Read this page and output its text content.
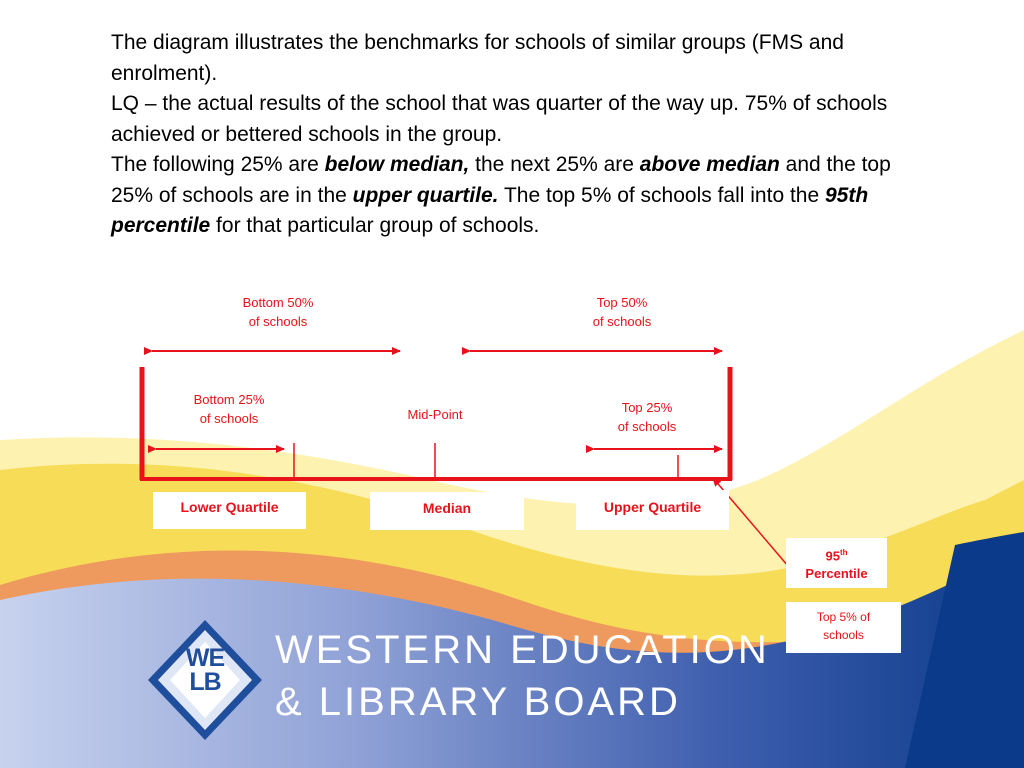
The diagram illustrates the benchmarks for schools of similar groups (FMS and enrolment).

LQ – the actual results of the school that was quarter of the way up. 75% of schools achieved or bettered schools in the group.

The following 25% are below median, the next 25% are above median and the top 25% of schools are in the upper quartile. The top 5% of schools fall into the 95th percentile for that particular group of schools.

Bottom 50%
of schools
Top 50%
of schools
Bottom 25%
of schools	Mid-Point	Top 25%
of schools
Lower Quartile	Median	Upper Quartile
95th
Percentile
Top 5% of
schools
WE
LB
WESTERN EDUCATION
& LIBRARY BOARD
